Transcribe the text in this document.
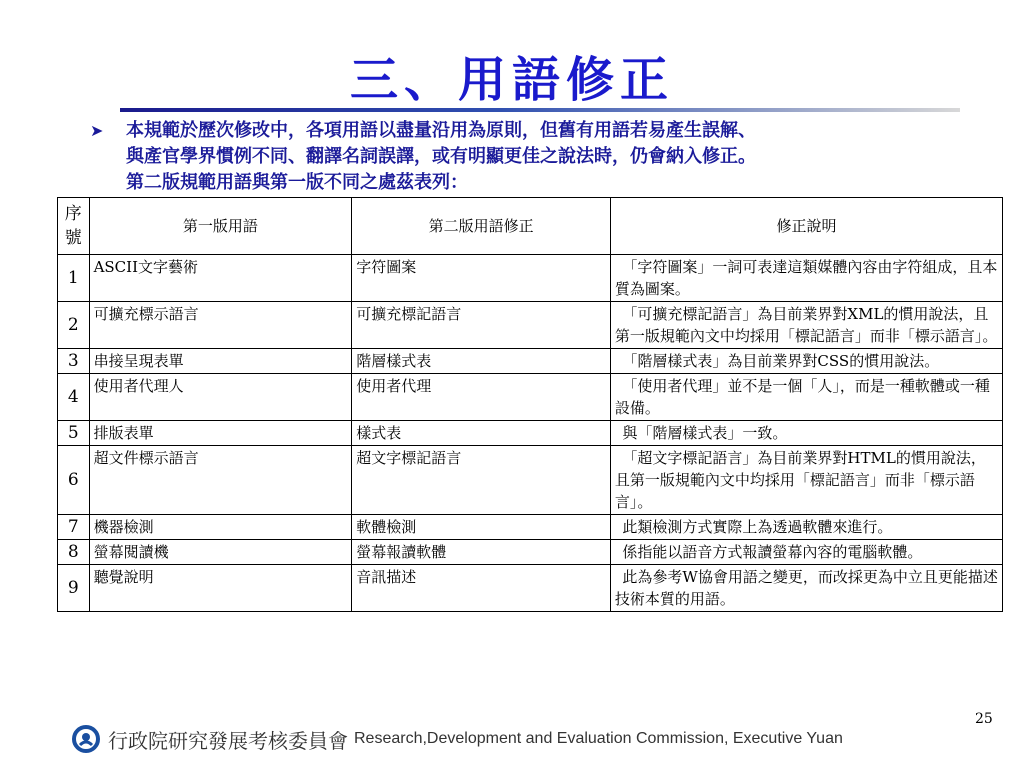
三、用語修正
➤ 本規範於歷次修改中，各項用語以盡量沿用為原則，但舊有用語若易產生誤解、
與產官學界慣例不同、翻譯名詞誤譯，或有明顯更佳之說法時，仍會納入修正。
第二版規範用語與第一版不同之處茲表列：
序
號	第一版用語	第二版用語修正	修正說明
1	ASCII文字藝術	字符圖案	「字符圖案」一詞可表達這類媒體內容由字符組成，且本質為圖案。
2	可擴充標示語言	可擴充標記語言	「可擴充標記語言」為目前業界對XML的慣用說法，且第一版規範內文中均採用「標記語言」而非「標示語言」。
3	串接呈現表單	階層樣式表	「階層樣式表」為目前業界對CSS的慣用說法。
4	使用者代理人	使用者代理	「使用者代理」並不是一個「人」，而是一種軟體或一種設備。
5	排版表單	樣式表	與「階層樣式表」一致。
6	超文件標示語言	超文字標記語言	「超文字標記語言」為目前業界對HTML的慣用說法，且第一版規範內文中均採用「標記語言」而非「標示語言」。
7	機器檢測	軟體檢測	此類檢測方式實際上為透過軟體來進行。
8	螢幕閱讀機	螢幕報讀軟體	係指能以語音方式報讀螢幕內容的電腦軟體。
9	聽覺說明	音訊描述	此為參考W協會用語之變更，而改採更為中立且更能描述技術本質的用語。
行政院研究發展考核委員會 Research,Development and Evaluation Commission, Executive Yuan
25
